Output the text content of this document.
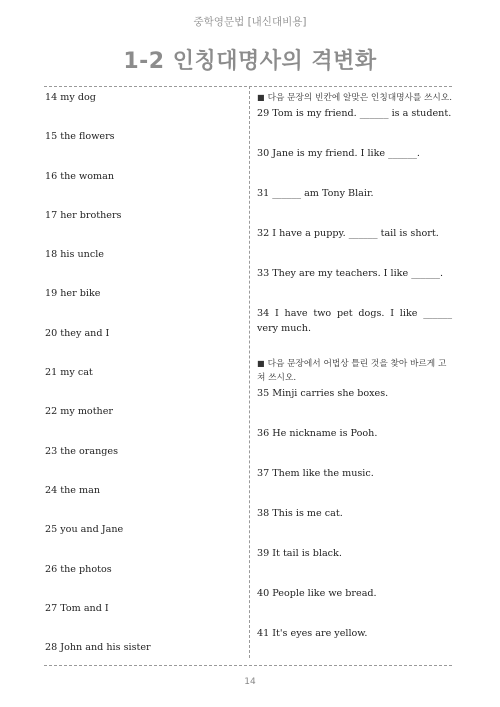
중학영문법 [내신대비용]
1-2 인칭대명사의 격변화
14 my dog
15 the flowers
16 the woman
17 her brothers
18 his uncle
19 her bike
20 they and I
21 my cat
22 my mother
23 the oranges
24 the man
25 you and Jane
26 the photos
27 Tom and I
28 John and his sister
■ 다음 문장의 빈칸에 알맞은 인칭대명사를 쓰시오.
29 Tom is my friend. ______ is a student.
30 Jane is my friend. I like ______.
31 ______ am Tony Blair.
32 I have a puppy. ______ tail is short.
33 They are my teachers. I like ______.
34 I have two pet dogs. I like ______ very much.
■ 다음 문장에서 어법상 틀린 것을 찾아 바르게 고쳐 쓰시오.
35 Minji carries she boxes.
36 He nickname is Pooh.
37 Them like the music.
38 This is me cat.
39 It tail is black.
40 People like we bread.
41 It's eyes are yellow.
14
